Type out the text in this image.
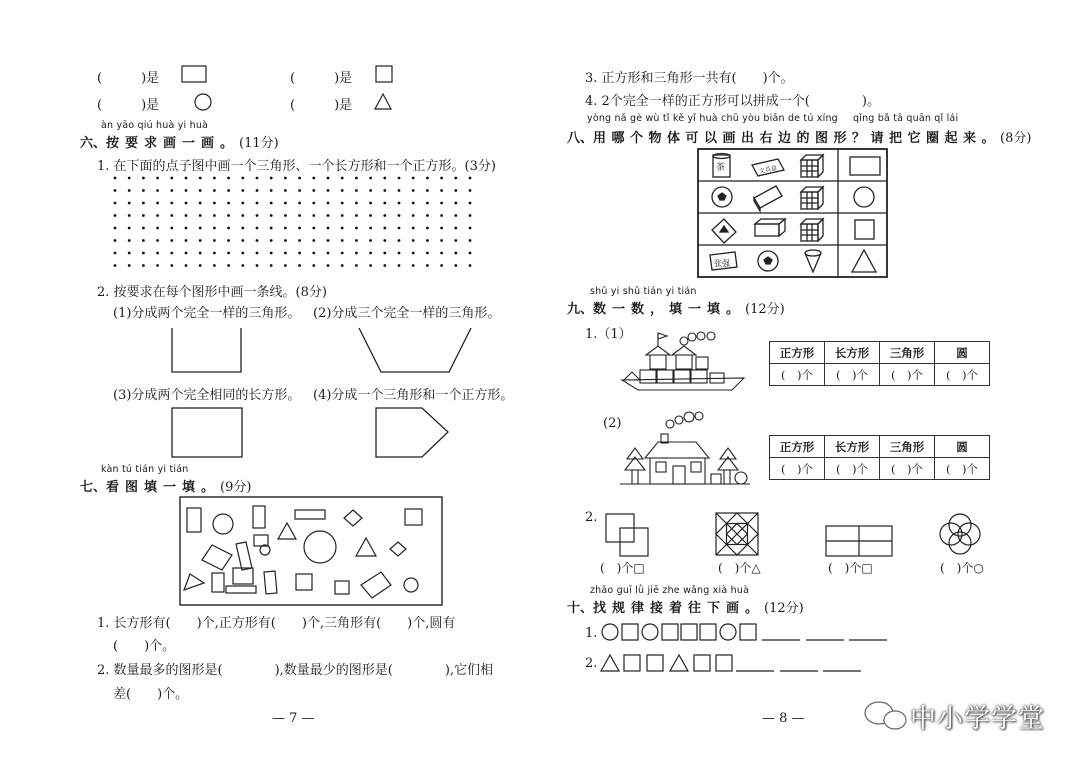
(　　　)是	(　　　)是
(　　　)是	(　　　)是
àn yāo qiú huà yi huà
六、按要求画一画。(11分)
1. 在下面的点子图中画一个三角形、一个长方形和一个正方形。(3分)
2. 按要求在每个图形中画一条线。(8分)
(1)分成两个完全一样的三角形。 (2)分成三个完全一样的三角形。
(3)分成两个完全相同的长方形。 (4)分成一个三角形和一个正方形。
kàn tú tián yi tián
七、看图填一填。(9分)
1. 长方形有(　　)个,正方形有(　　)个,三角形有(　　)个,圆有
(　　)个。
2. 数量最多的图形是(　　　　),数量最少的图形是(　　　　),它们相
差(　　)个。
— 7 —
3. 正方形和三角形一共有(　　)个。
4. 2个完全一样的正方形可以拼成一个(　　　　)。
yòng nǎ gè wù tǐ kě yǐ huà chū yòu biān de tú xíng qǐng bǎ tā quān qǐ lái
八、用哪个物体可以画出右边的图形？请把它圈起来。(8分)
shǔ yi shǔ tián yi tián
九、数一数，填一填。(12分)
1.（1）
(2)
正方形	长方形	三角形	圆
(　)个	(　)个	(　)个	(　)个
正方形	长方形	三角形	圆
(　)个	(　)个	(　)个	(　)个
2.
(　)个□	(　)个△	(　)个□	(　)个○
zhǎo guī lǜ jiē zhe wǎng xià huà
十、找规律接着往下画。(12分)
1.
2.
— 8 —
茶	文具盒
张强
中小学学堂
